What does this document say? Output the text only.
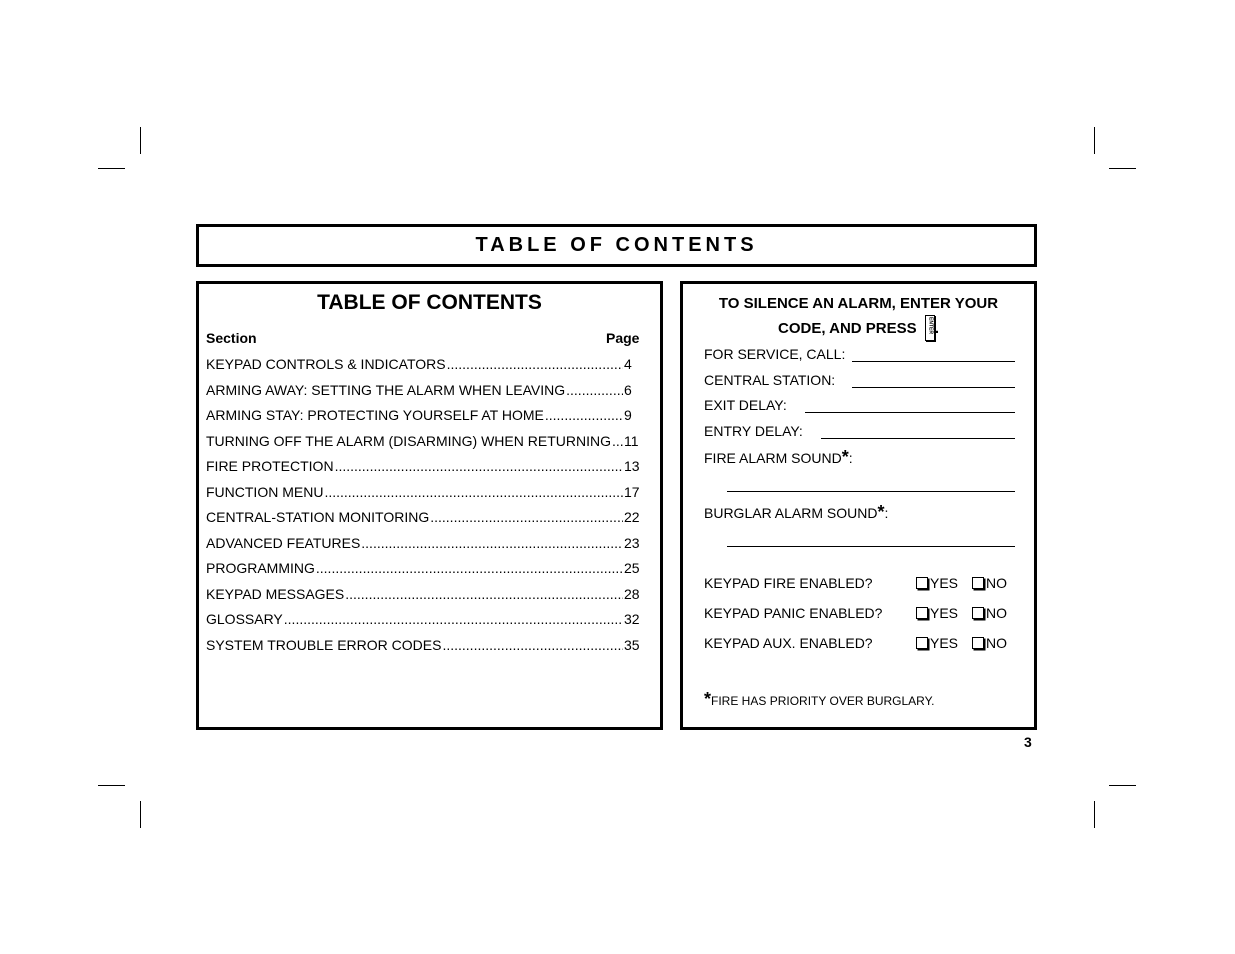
TABLE OF CONTENTS
TABLE OF CONTENTS
Section	Page
KEYPAD CONTROLS & INDICATORS .....	4
ARMING AWAY: SETTING THE ALARM WHEN LEAVING .....	6
ARMING STAY: PROTECTING YOURSELF AT HOME .....	9
TURNING OFF THE ALARM (DISARMING) WHEN RETURNING ..... 11
FIRE PROTECTION .....	13
FUNCTION MENU .....	17
CENTRAL-STATION MONITORING .....	22
ADVANCED FEATURES .....	23
PROGRAMMING .....	25
KEYPAD MESSAGES .....	28
GLOSSARY .....	32
SYSTEM TROUBLE ERROR CODES .....	35
TO SILENCE AN ALARM, ENTER YOUR
CODE, AND PRESS ENTER .
FOR SERVICE, CALL:
CENTRAL STATION:
EXIT DELAY:
ENTRY DELAY:
FIRE ALARM SOUND*:
BURGLAR ALARM SOUND*:
KEYPAD FIRE ENABLED?	YES	NO
KEYPAD PANIC ENABLED?	YES	NO
KEYPAD AUX. ENABLED?	YES	NO
*FIRE HAS PRIORITY OVER BURGLARY.
3
